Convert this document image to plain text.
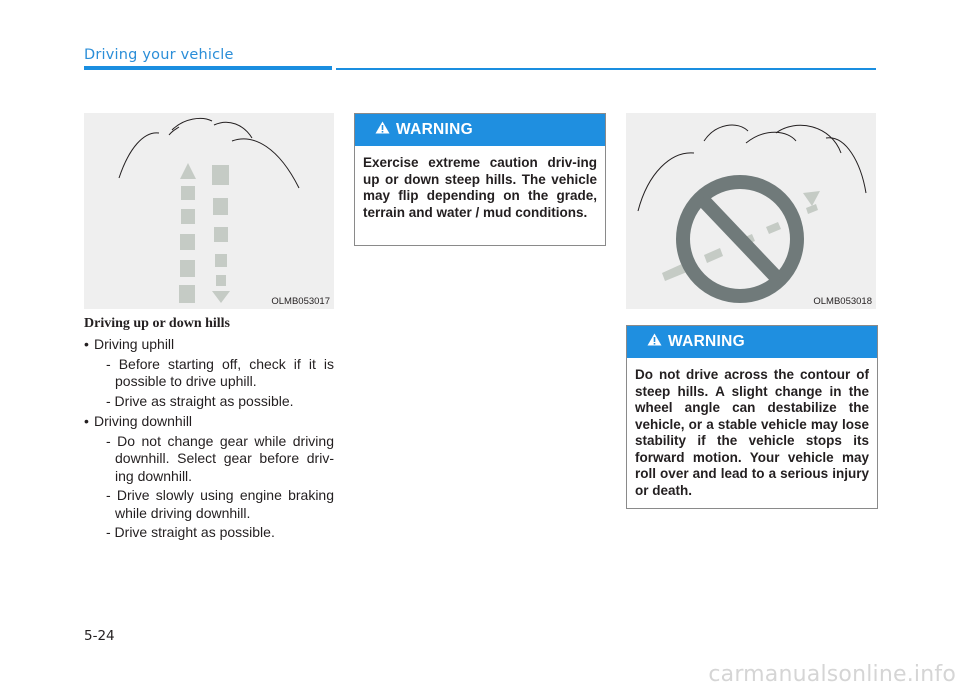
Driving your vehicle
OLMB053017	OLMB053018
Driving up or down hills
• Driving uphill
- Before starting off, check if it is possible to drive uphill.
- Drive as straight as possible.
• Driving downhill
- Do not change gear while driving downhill. Select gear before driv-ing downhill.
- Drive slowly using engine braking while driving downhill.
- Drive straight as possible.
WARNING
Exercise extreme caution driv-ing up or down steep hills. The vehicle may flip depending on the grade, terrain and water / mud conditions.
WARNING
Do not drive across the contour of steep hills. A slight change in the wheel angle can destabilize the vehicle, or a stable vehicle may lose stability if the vehicle stops its forward motion. Your vehicle may roll over and lead to a serious injury or death.
5-24
carmanualsonline.info
